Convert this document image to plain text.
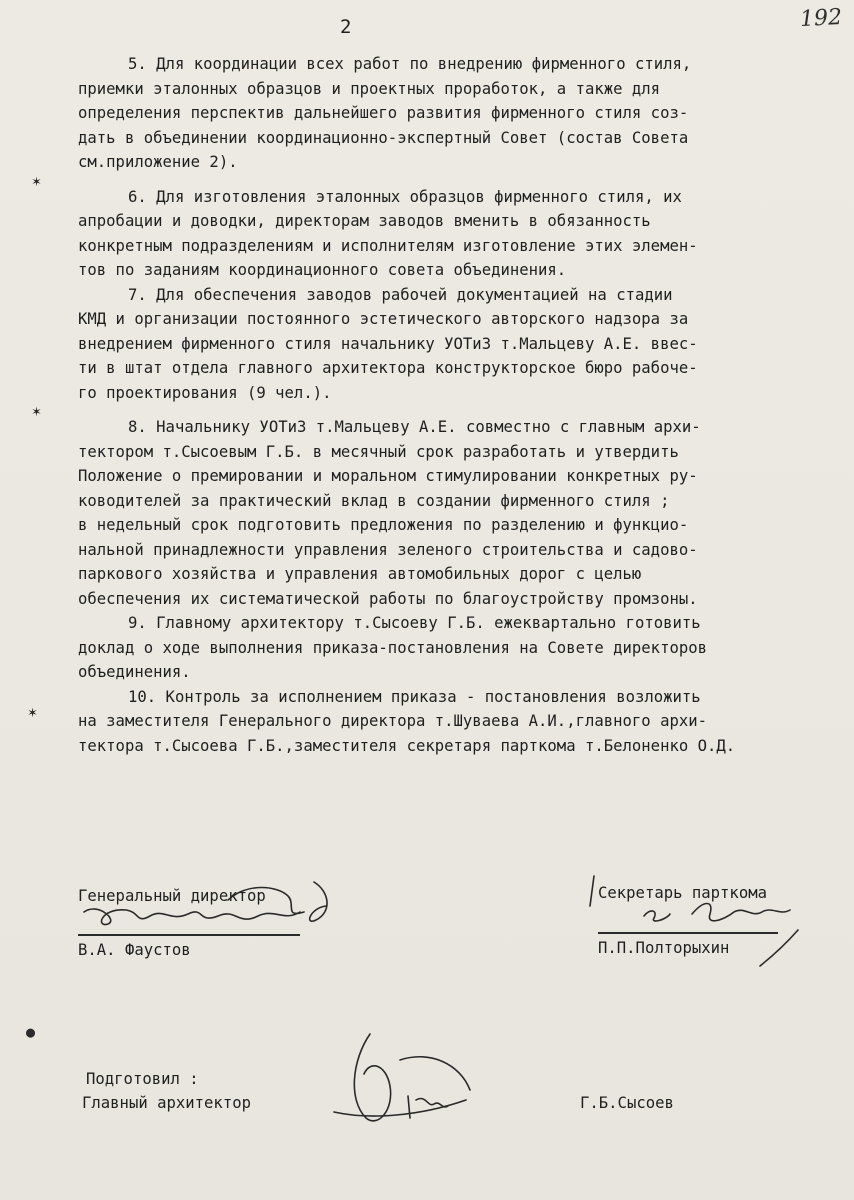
2	192
✶
✶
✶
●
5. Для координации всех работ по внедрению фирменного стиля,
приемки эталонных образцов и проектных проработок, а также для
определения перспектив дальнейшего развития фирменного стиля соз-
дать в объединении координационно-экспертный Совет (состав Совета
см.приложение 2).
6. Для изготовления эталонных образцов фирменного стиля, их
апробации и доводки, директорам заводов вменить в обязанность
конкретным подразделениям и исполнителям изготовление этих элемен-
тов по заданиям координационного совета объединения.
7. Для обеспечения заводов рабочей документацией на стадии
КМД и организации постоянного эстетического авторского надзора за
внедрением фирменного стиля начальнику УОТиЗ т.Мальцеву А.Е. ввес-
ти в штат отдела главного архитектора конструкторское бюро рабоче-
го проектирования (9 чел.).
8. Начальнику УОТиЗ т.Мальцеву А.Е. совместно с главным архи-
тектором т.Сысоевым Г.Б. в месячный срок разработать и утвердить
Положение о премировании и моральном стимулировании конкретных ру-
ководителей за практический вклад в создании фирменного стиля ;
в недельный срок подготовить предложения по разделению и функцио-
нальной принадлежности управления зеленого строительства и садово-
паркового хозяйства и управления автомобильных дорог с целью
обеспечения их систематической работы по благоустройству промзоны.
9. Главному архитектору т.Сысоеву Г.Б. ежеквартально готовить
доклад о ходе выполнения приказа-постановления на Совете директоров
объединения.
10. Контроль за исполнением приказа - постановления возложить
на заместителя Генерального директора т.Шуваева А.И.,главного архи-
тектора т.Сысоева Г.Б.,заместителя секретаря парткома т.Белоненко О.Д.
Генеральный директор
В.А. Фаустов
Секретарь парткома
П.П.Полторыхин
Подготовил :
Главный архитектор	Г.Б.Сысоев
